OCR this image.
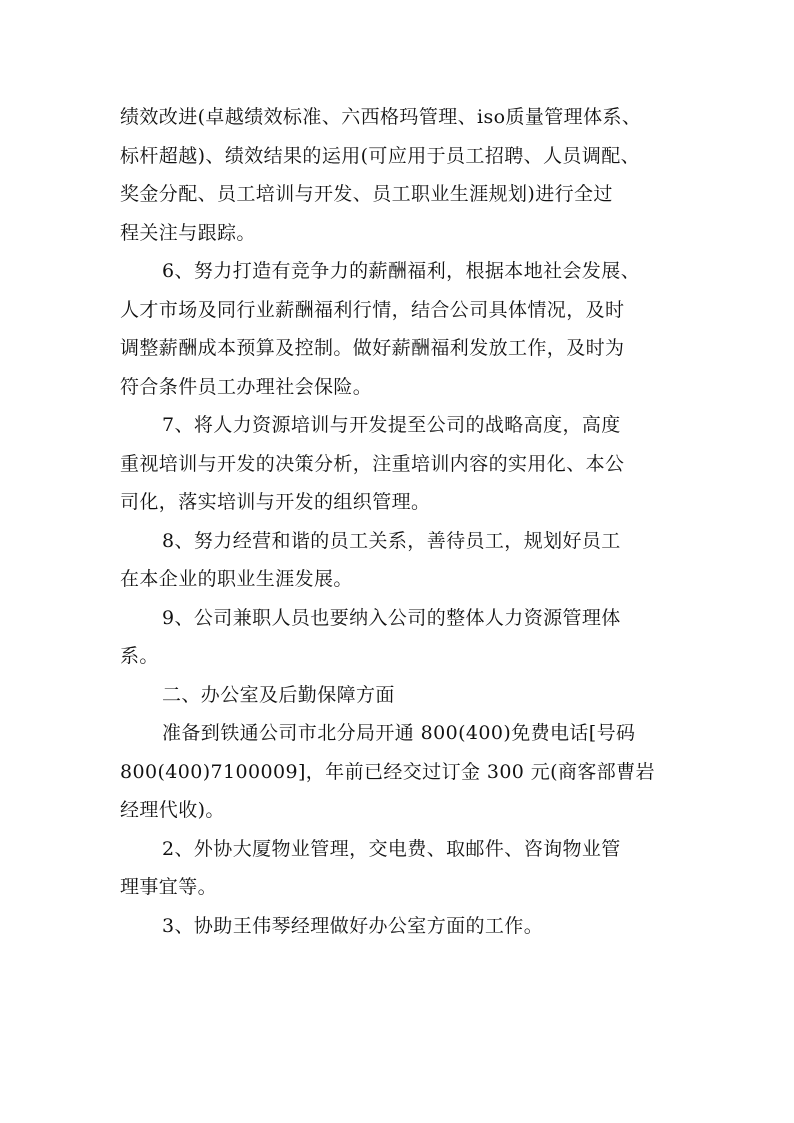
绩效改进(卓越绩效标准、六西格玛管理、iso质量管理体系、
标杆超越)、绩效结果的运用(可应用于员工招聘、人员调配、
奖金分配、员工培训与开发、员工职业生涯规划)进行全过
程关注与跟踪。
6、努力打造有竞争力的薪酬福利，根据本地社会发展、
人才市场及同行业薪酬福利行情，结合公司具体情况，及时
调整薪酬成本预算及控制。做好薪酬福利发放工作，及时为
符合条件员工办理社会保险。
7、将人力资源培训与开发提至公司的战略高度，高度
重视培训与开发的决策分析，注重培训内容的实用化、本公
司化，落实培训与开发的组织管理。
8、努力经营和谐的员工关系，善待员工，规划好员工
在本企业的职业生涯发展。
9、公司兼职人员也要纳入公司的整体人力资源管理体
系。
二、办公室及后勤保障方面
准备到铁通公司市北分局开通 800(400)免费电话[号码
800(400)7100009]，年前已经交过订金 300 元(商客部曹岩
经理代收)。
2、外协大厦物业管理，交电费、取邮件、咨询物业管
理事宜等。
3、协助王伟琴经理做好办公室方面的工作。
